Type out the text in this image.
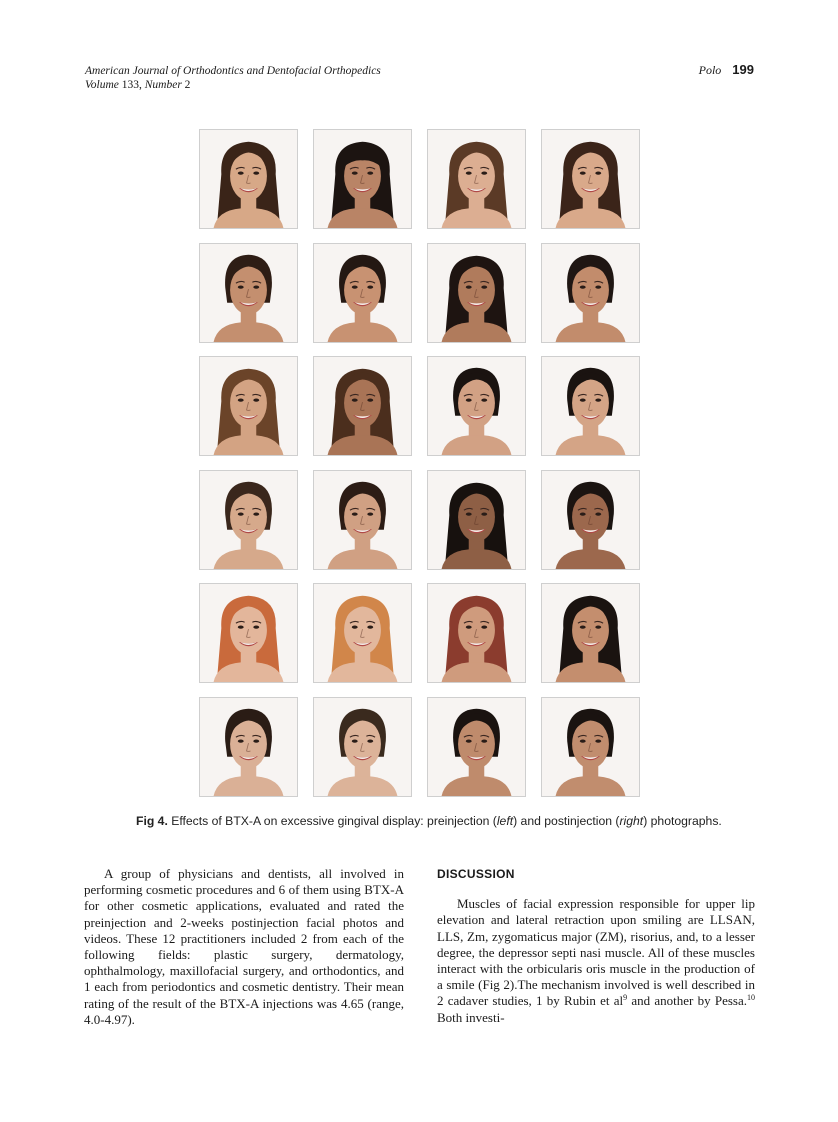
American Journal of Orthodontics and Dentofacial Orthopedics
Volume 133, Number 2
Polo 199
Fig 4. Effects of BTX-A on excessive gingival display: preinjection (left) and postinjection (right) photographs.

A group of physicians and dentists, all involved in performing cosmetic procedures and 6 of them using BTX-A for other cosmetic applications, evaluated and rated the preinjection and 2-weeks postinjection facial photos and videos. These 12 practitioners included 2 from each of the following fields: plastic surgery, dermatology, ophthalmology, maxillofacial surgery, and orthodontics, and 1 each from periodontics and cosmetic dentistry. Their mean rating of the result of the BTX-A injections was 4.65 (range, 4.0-4.97).

DISCUSSION

Muscles of facial expression responsible for upper lip elevation and lateral retraction upon smiling are LLSAN, LLS, Zm, zygomaticus major (ZM), risorius, and, to a lesser degree, the depressor septi nasi muscle. All of these muscles interact with the orbicularis oris muscle in the production of a smile (Fig 2).The mechanism involved is well described in 2 cadaver studies, 1 by Rubin et $al^9$ and another by Pessa.$^{10}$ Both investi-
